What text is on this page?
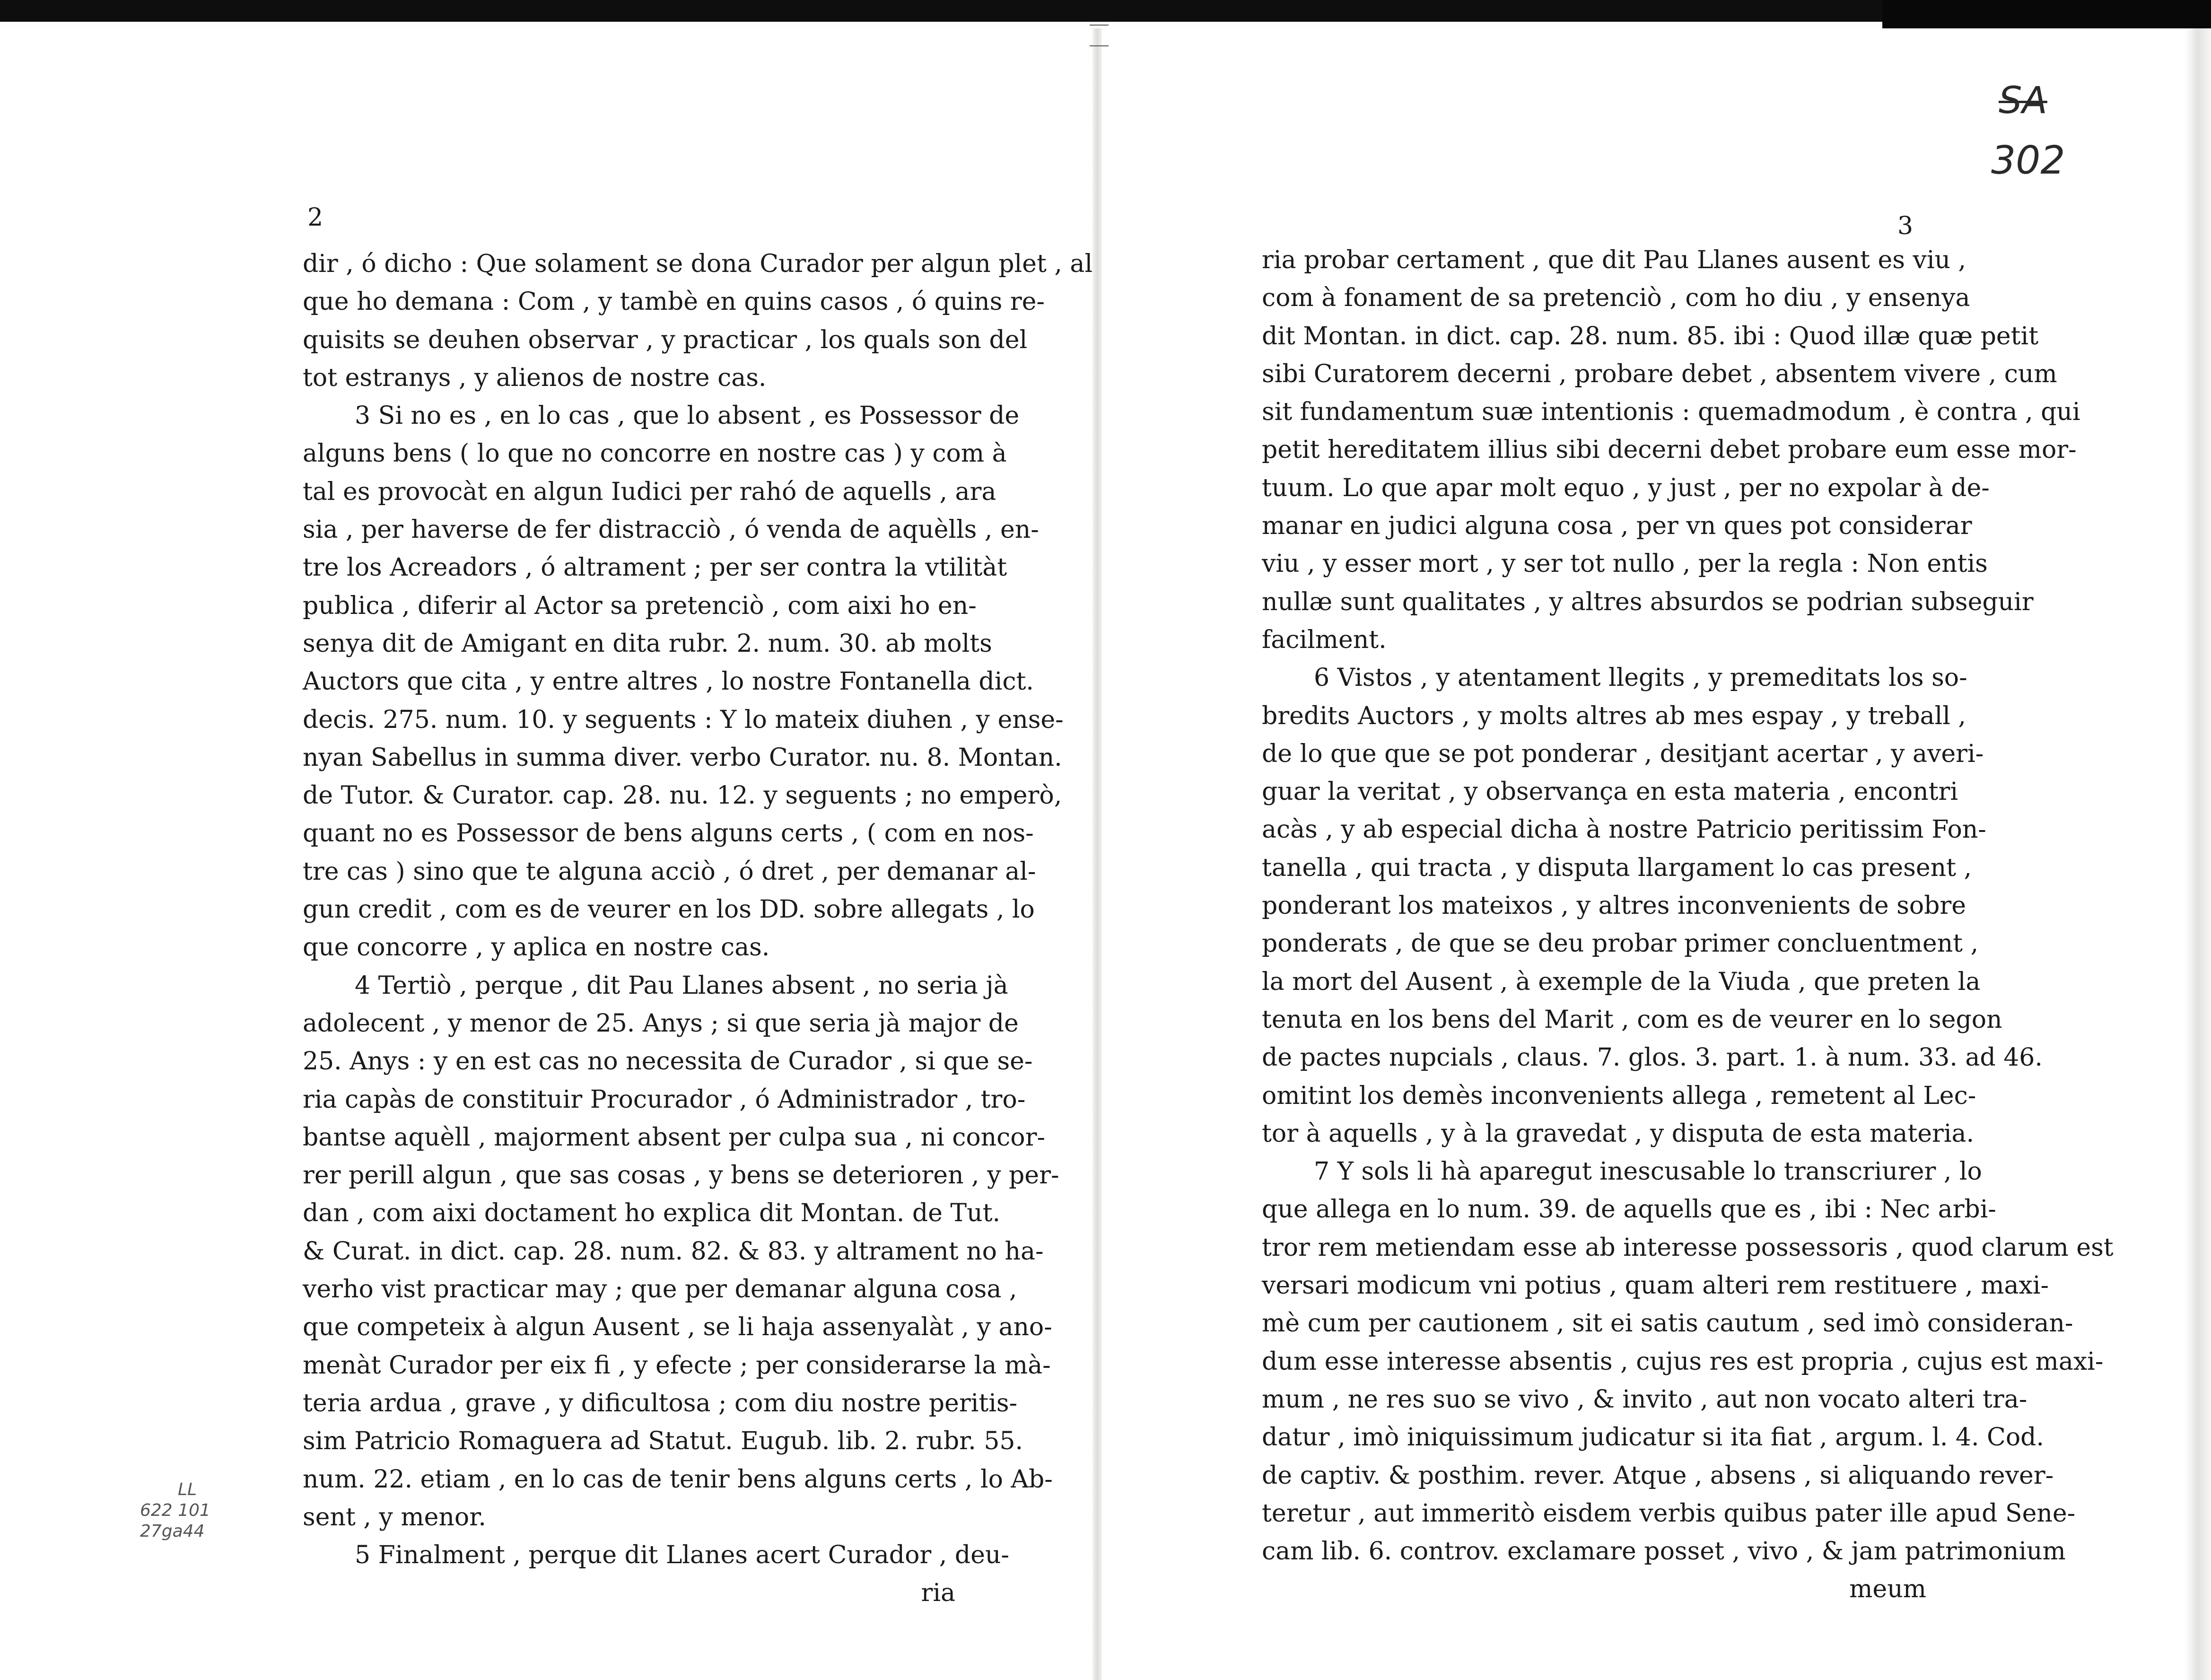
2	3
dir , ó dicho : Que solament se dona Curador per algun plet , al
que ho demana : Com , y tambè en quins casos , ó quins re-
quisits se deuhen observar , y practicar , los quals son del
tot estranys , y alienos de nostre cas.
3 Si no es , en lo cas , que lo absent , es Possessor de
alguns bens ( lo que no concorre en nostre cas ) y com à
tal es provocàt en algun Iudici per rahó de aquells , ara
sia , per haverse de fer distracciò , ó venda de aquèlls , en-
tre los Acreadors , ó altrament ; per ser contra la vtilitàt
publica , diferir al Actor sa pretenciò , com aixi ho en-
senya dit de Amigant en dita rubr. 2. num. 30. ab molts
Auctors que cita , y entre altres , lo nostre Fontanella dict.
decis. 275. num. 10. y seguents : Y lo mateix diuhen , y ense-
nyan Sabellus in summa diver. verbo Curator. nu. 8. Montan.
de Tutor. & Curator. cap. 28. nu. 12. y seguents ; no emperò,
quant no es Possessor de bens alguns certs , ( com en nos-
tre cas ) sino que te alguna acciò , ó dret , per demanar al-
gun credit , com es de veurer en los DD. sobre allegats , lo
que concorre , y aplica en nostre cas.
4 Tertiò , perque , dit Pau Llanes absent , no seria jà
adolecent , y menor de 25. Anys ; si que seria jà major de
25. Anys : y en est cas no necessita de Curador , si que se-
ria capàs de constituir Procurador , ó Administrador , tro-
bantse aquèll , majorment absent per culpa sua , ni concor-
rer perill algun , que sas cosas , y bens se deterioren , y per-
dan , com aixi doctament ho explica dit Montan. de Tut.
& Curat. in dict. cap. 28. num. 82. & 83. y altrament no ha-
verho vist practicar may ; que per demanar alguna cosa ,
que competeix à algun Ausent , se li haja assenyalàt , y ano-
menàt Curador per eix fi , y efecte ; per considerarse la mà-
teria ardua , grave , y dificultosa ; com diu nostre peritis-
sim Patricio Romaguera ad Statut. Eugub. lib. 2. rubr. 55.
num. 22. etiam , en lo cas de tenir bens alguns certs , lo Ab-
sent , y menor.
5 Finalment , perque dit Llanes acert Curador , deu-
ria
ria probar certament , que dit Pau Llanes ausent es viu ,
com à fonament de sa pretenciò , com ho diu , y ensenya
dit Montan. in dict. cap. 28. num. 85. ibi : Quod illæ quæ petit
sibi Curatorem decerni , probare debet , absentem vivere , cum
sit fundamentum suæ intentionis : quemadmodum , è contra , qui
petit hereditatem illius sibi decerni debet probare eum esse mor-
tuum. Lo que apar molt equo , y just , per no expolar à de-
manar en judici alguna cosa , per vn ques pot considerar
viu , y esser mort , y ser tot nullo , per la regla : Non entis
nullæ sunt qualitates , y altres absurdos se podrian subseguir
facilment.
6 Vistos , y atentament llegits , y premeditats los so-
bredits Auctors , y molts altres ab mes espay , y treball ,
de lo que que se pot ponderar , desitjant acertar , y averi-
guar la veritat , y observança en esta materia , encontri
acàs , y ab especial dicha à nostre Patricio peritissim Fon-
tanella , qui tracta , y disputa llargament lo cas present ,
ponderant los mateixos , y altres inconvenients de sobre
ponderats , de que se deu probar primer concluentment ,
la mort del Ausent , à exemple de la Viuda , que preten la
tenuta en los bens del Marit , com es de veurer en lo segon
de pactes nupcials , claus. 7. glos. 3. part. 1. à num. 33. ad 46.
omitint los demès inconvenients allega , remetent al Lec-
tor à aquells , y à la gravedat , y disputa de esta materia.
7 Y sols li hà aparegut inescusable lo transcriurer , lo
que allega en lo num. 39. de aquells que es , ibi : Nec arbi-
tror rem metiendam esse ab interesse possessoris , quod clarum est
versari modicum vni potius , quam alteri rem restituere , maxi-
mè cum per cautionem , sit ei satis cautum , sed imò consideran-
dum esse interesse absentis , cujus res est propria , cujus est maxi-
mum , ne res suo se vivo , & invito , aut non vocato alteri tra-
datur , imò iniquissimum judicatur si ita fiat , argum. l. 4. Cod.
de captiv. & posthim. rever. Atque , absens , si aliquando rever-
teretur , aut immeritò eisdem verbis quibus pater ille apud Sene-
cam lib. 6. controv. exclamare posset , vivo , & jam patrimonium
meum
SA
302
LL
622 101
27ga44
